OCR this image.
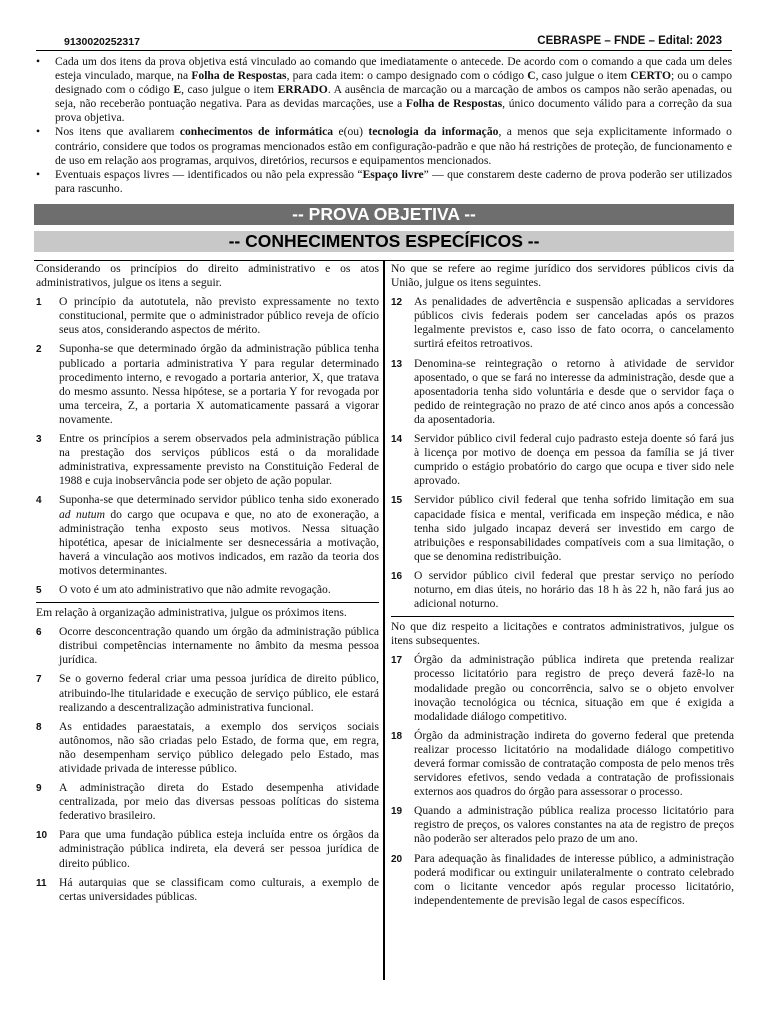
9130020252317	CEBRASPE – FNDE – Edital: 2023
• Cada um dos itens da prova objetiva está vinculado ao comando que imediatamente o antecede. De acordo com o comando a que cada um deles esteja vinculado, marque, na Folha de Respostas, para cada item: o campo designado com o código C, caso julgue o item CERTO; ou o campo designado com o código E, caso julgue o item ERRADO. A ausência de marcação ou a marcação de ambos os campos não serão apenadas, ou seja, não receberão pontuação negativa. Para as devidas marcações, use a Folha de Respostas, único documento válido para a correção da sua prova objetiva.
• Nos itens que avaliarem conhecimentos de informática e(ou) tecnologia da informação, a menos que seja explicitamente informado o contrário, considere que todos os programas mencionados estão em configuração-padrão e que não há restrições de proteção, de funcionamento e de uso em relação aos programas, arquivos, diretórios, recursos e equipamentos mencionados.
• Eventuais espaços livres — identificados ou não pela expressão “Espaço livre” — que constarem deste caderno de prova poderão ser utilizados para rascunho.
-- PROVA OBJETIVA --
-- CONHECIMENTOS ESPECÍFICOS --

Considerando os princípios do direito administrativo e os atos administrativos, julgue os itens a seguir.

1 O princípio da autotutela, não previsto expressamente no texto constitucional, permite que o administrador público reveja de ofício seus atos, considerando aspectos de mérito.
2 Suponha-se que determinado órgão da administração pública tenha publicado a portaria administrativa Y para regular determinado procedimento interno, e revogado a portaria anterior, X, que tratava do mesmo assunto. Nessa hipótese, se a portaria Y for revogada por uma terceira, Z, a portaria X automaticamente passará a vigorar novamente.
3 Entre os princípios a serem observados pela administração pública na prestação dos serviços públicos está o da moralidade administrativa, expressamente previsto na Constituição Federal de 1988 e cuja inobservância pode ser objeto de ação popular.
4 Suponha-se que determinado servidor público tenha sido exonerado ad nutum do cargo que ocupava e que, no ato de exoneração, a administração tenha exposto seus motivos. Nessa situação hipotética, apesar de inicialmente ser desnecessária a motivação, haverá a vinculação aos motivos indicados, em razão da teoria dos motivos determinantes.
5 O voto é um ato administrativo que não admite revogação.

Em relação à organização administrativa, julgue os próximos itens.

6 Ocorre desconcentração quando um órgão da administração pública distribui competências internamente no âmbito da mesma pessoa jurídica.
7 Se o governo federal criar uma pessoa jurídica de direito público, atribuindo-lhe titularidade e execução de serviço público, ele estará realizando a descentralização administrativa funcional.
8 As entidades paraestatais, a exemplo dos serviços sociais autônomos, não são criadas pelo Estado, de forma que, em regra, não desempenham serviço público delegado pelo Estado, mas atividade privada de interesse público.
9 A administração direta do Estado desempenha atividade centralizada, por meio das diversas pessoas políticas do sistema federativo brasileiro.
10 Para que uma fundação pública esteja incluída entre os órgãos da administração pública indireta, ela deverá ser pessoa jurídica de direito público.
11 Há autarquias que se classificam como culturais, a exemplo de certas universidades públicas.

No que se refere ao regime jurídico dos servidores públicos civis da União, julgue os itens seguintes.

12 As penalidades de advertência e suspensão aplicadas a servidores públicos civis federais podem ser canceladas após os prazos legalmente previstos e, caso isso de fato ocorra, o cancelamento surtirá efeitos retroativos.
13 Denomina-se reintegração o retorno à atividade de servidor aposentado, o que se fará no interesse da administração, desde que a aposentadoria tenha sido voluntária e desde que o servidor faça o pedido de reintegração no prazo de até cinco anos após a concessão da aposentadoria.
14 Servidor público civil federal cujo padrasto esteja doente só fará jus à licença por motivo de doença em pessoa da família se já tiver cumprido o estágio probatório do cargo que ocupa e tiver sido nele aprovado.
15 Servidor público civil federal que tenha sofrido limitação em sua capacidade física e mental, verificada em inspeção médica, e não tenha sido julgado incapaz deverá ser investido em cargo de atribuições e responsabilidades compatíveis com a sua limitação, o que se denomina redistribuição.
16 O servidor público civil federal que prestar serviço no período noturno, em dias úteis, no horário das 18 h às 22 h, não fará jus ao adicional noturno.

No que diz respeito a licitações e contratos administrativos, julgue os itens subsequentes.

17 Órgão da administração pública indireta que pretenda realizar processo licitatório para registro de preço deverá fazê-lo na modalidade pregão ou concorrência, salvo se o objeto envolver inovação tecnológica ou técnica, situação em que é exigida a modalidade diálogo competitivo.
18 Órgão da administração indireta do governo federal que pretenda realizar processo licitatório na modalidade diálogo competitivo deverá formar comissão de contratação composta de pelo menos três servidores efetivos, sendo vedada a contratação de profissionais externos aos quadros do órgão para assessorar o processo.
19 Quando a administração pública realiza processo licitatório para registro de preços, os valores constantes na ata de registro de preços não poderão ser alterados pelo prazo de um ano.
20 Para adequação às finalidades de interesse público, a administração poderá modificar ou extinguir unilateralmente o contrato celebrado com o licitante vencedor após regular processo licitatório, independentemente de previsão legal de casos específicos.
